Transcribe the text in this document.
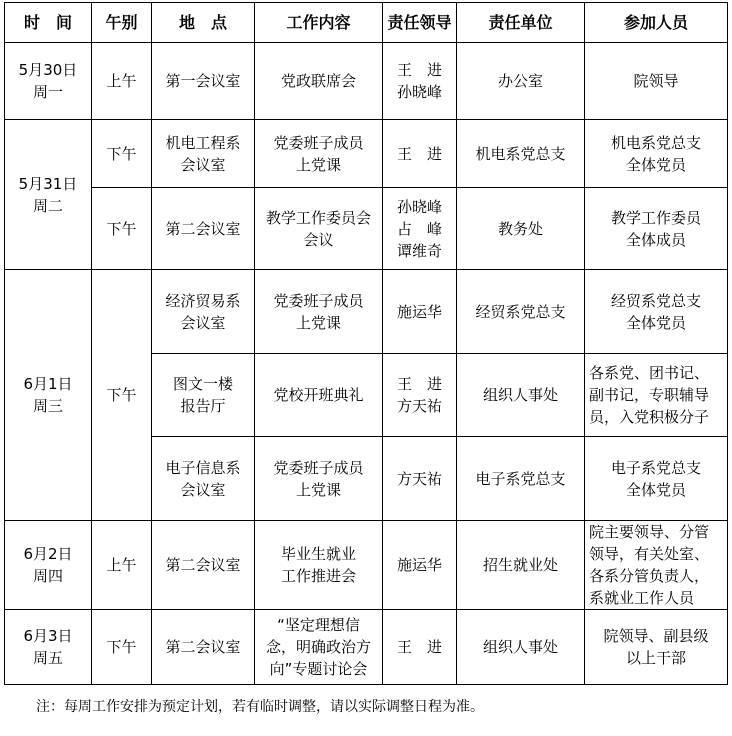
时　间	午别	地　点	工作内容	责任领导	责任单位	参加人员

5月30日
周一	上午	第一会议室	党政联席会	王　进
孙晓峰	办公室	院领导

5月31日
周二	下午	机电工程系
会议室	党委班子成员
上党课	王　进	机电系党总支	机电系党总支
全体党员

	下午	第二会议室	教学工作委员会
会议	孙晓峰
占　峰
谭维奇	教务处	教学工作委员
全体成员

6月1日
周三	下午	经济贸易系
会议室	党委班子成员
上党课	施运华	经贸系党总支	经贸系党总支
全体党员

		图文一楼
报告厅	党校开班典礼	王　进
方天祐	组织人事处	各系党、团书记、
副书记，专职辅导
员，入党积极分子

		电子信息系
会议室	党委班子成员
上党课	方天祐	电子系党总支	电子系党总支
全体党员

6月2日
周四	上午	第二会议室	毕业生就业
工作推进会	施运华	招生就业处	院主要领导、分管
领导，有关处室、
各系分管负责人，
系就业工作人员

6月3日
周五	下午	第二会议室	“坚定理想信
念，明确政治方
向”专题讨论会	王　进	组织人事处	院领导、副县级
以上干部
注：每周工作安排为预定计划，若有临时调整，请以实际调整日程为准。
